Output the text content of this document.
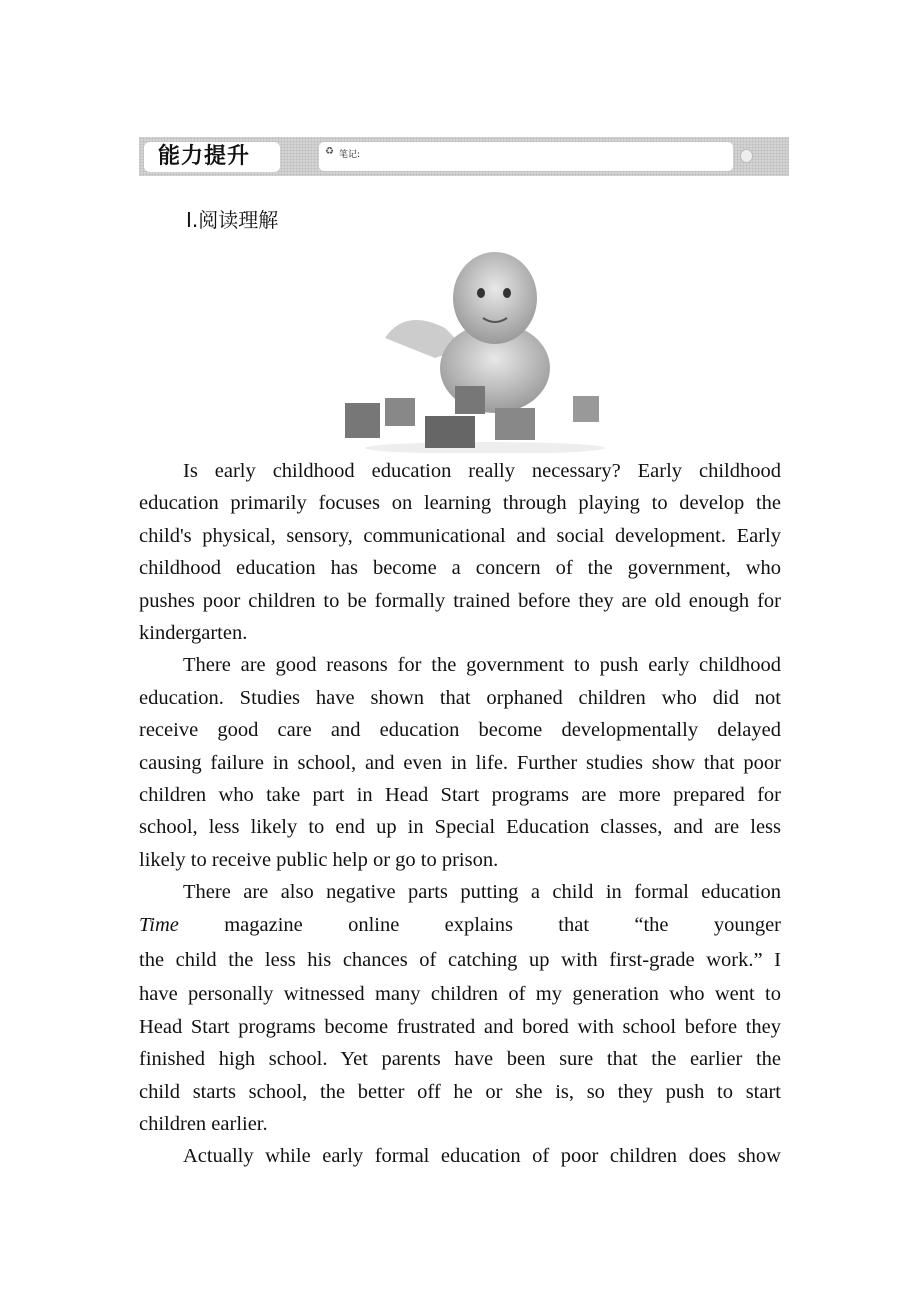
能力提升	♻ 笔记:
Ⅰ.阅读理解
Is early childhood education really necessary? Early childhood
education primarily focuses on learning through playing to develop the
child's physical, sensory, communicational and social development. Early
childhood education has become a concern of the government, who
pushes poor children to be formally trained before they are old enough for
kindergarten.
There are good reasons for the government to push early childhood
education. Studies have shown that orphaned children who did not
receive good care and education become developmentally delayed
causing failure in school, and even in life. Further studies show that poor
children who take part in Head Start programs are more prepared for
school, less likely to end up in Special Education classes, and are less
likely to receive public help or go to prison.
There are also negative parts putting a child in formal education
Time magazine online explains that “the younger
the child the less his chances of catching up with first-grade work.” I
have personally witnessed many children of my generation who went to
Head Start programs become frustrated and bored with school before they
finished high school. Yet parents have been sure that the earlier the
child starts school, the better off he or she is, so they push to start
children earlier.
Actually while early formal education of poor children does show
